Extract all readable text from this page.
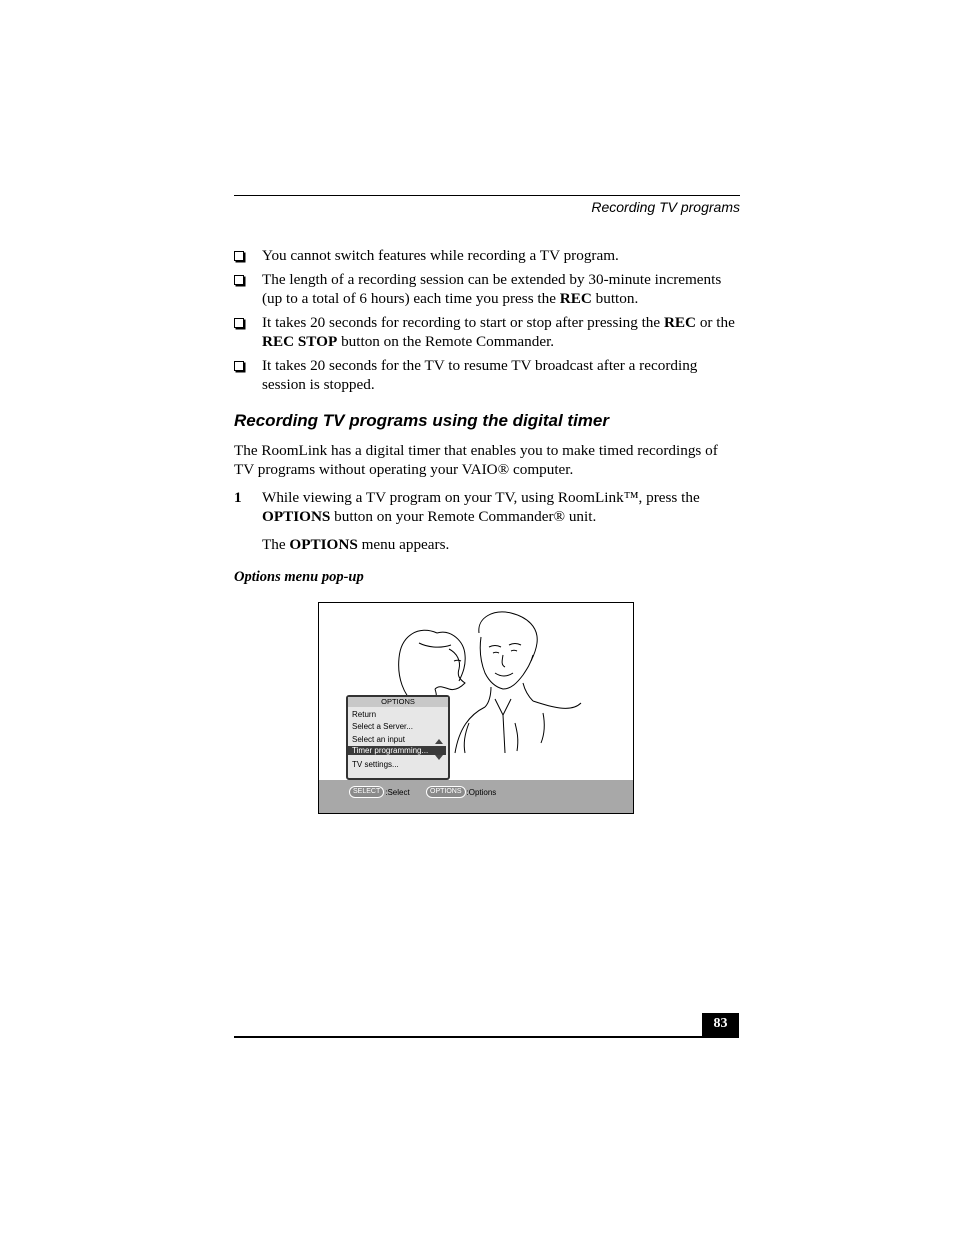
Recording TV programs
You cannot switch features while recording a TV program.
The length of a recording session can be extended by 30-minute increments (up to a total of 6 hours) each time you press the REC button.
It takes 20 seconds for recording to start or stop after pressing the REC or the REC STOP button on the Remote Commander.
It takes 20 seconds for the TV to resume TV broadcast after a recording session is stopped.
Recording TV programs using the digital timer

The RoomLink has a digital timer that enables you to make timed recordings of TV programs without operating your VAIO® computer.

1 While viewing a TV program on your TV, using RoomLink™, press the OPTIONS button on your Remote Commander® unit.
The OPTIONS menu appears.
Options menu pop-up
OPTIONS
Return
Select a Server...
Select an input
Timer programming...
TV settings...
SELECT :Select	OPTIONS :Options
83
